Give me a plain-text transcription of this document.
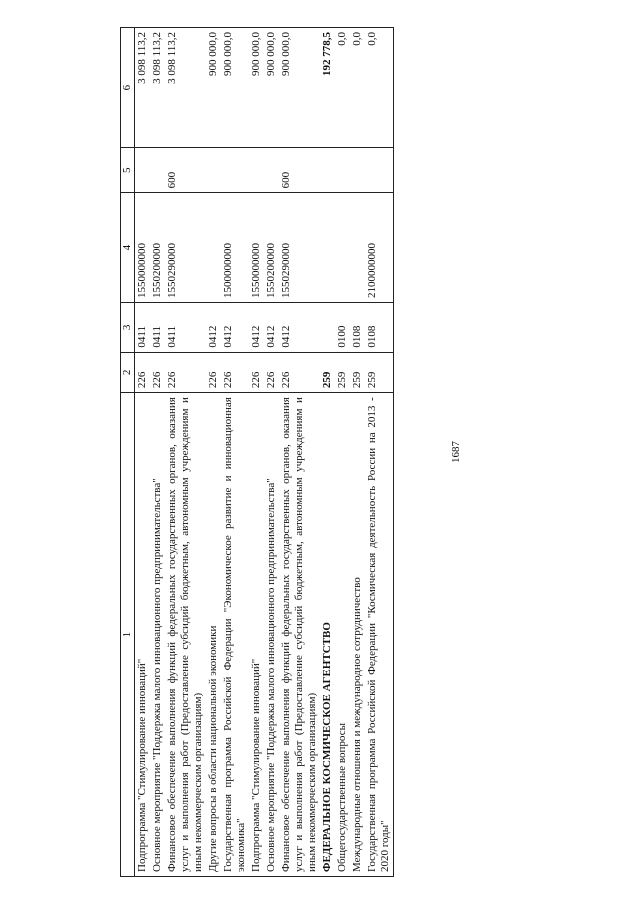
1687
1	2	3	4	5	6
Подпрограмма "Стимулирование инноваций"	226	0411	1550000000		3 098 113,2
Основное мероприятие "Поддержка малого инновационного предпринимательства"	226	0411	1550200000		3 098 113,2
Финансовое обеспечение выполнения функций федеральных государственных органов, оказания услуг и выполнения работ (Предоставление субсидий бюджетным, автономным учреждениям и иным некоммерческим организациям)	226	0411	1550290000	600	3 098 113,2
Другие вопросы в области национальной экономики	226	0412			900 000,0
Государственная программа Российской Федерации "Экономическое развитие и инновационная экономика"	226	0412	1500000000		900 000,0
Подпрограмма "Стимулирование инноваций"	226	0412	1550000000		900 000,0
Основное мероприятие "Поддержка малого инновационного предпринимательства"	226	0412	1550200000		900 000,0
Финансовое обеспечение выполнения функций федеральных государственных органов, оказания услуг и выполнения работ (Предоставление субсидий бюджетным, автономным учреждениям и иным некоммерческим организациям)	226	0412	1550290000	600	900 000,0
ФЕДЕРАЛЬНОЕ КОСМИЧЕСКОЕ АГЕНТСТВО	259				192 778,5
Общегосударственные вопросы	259	0100			0,0
Международные отношения и международное сотрудничество	259	0108			0,0
Государственная программа Российской Федерации "Космическая деятельность России на 2013 - 2020 годы"	259	0108	2100000000		0,0
